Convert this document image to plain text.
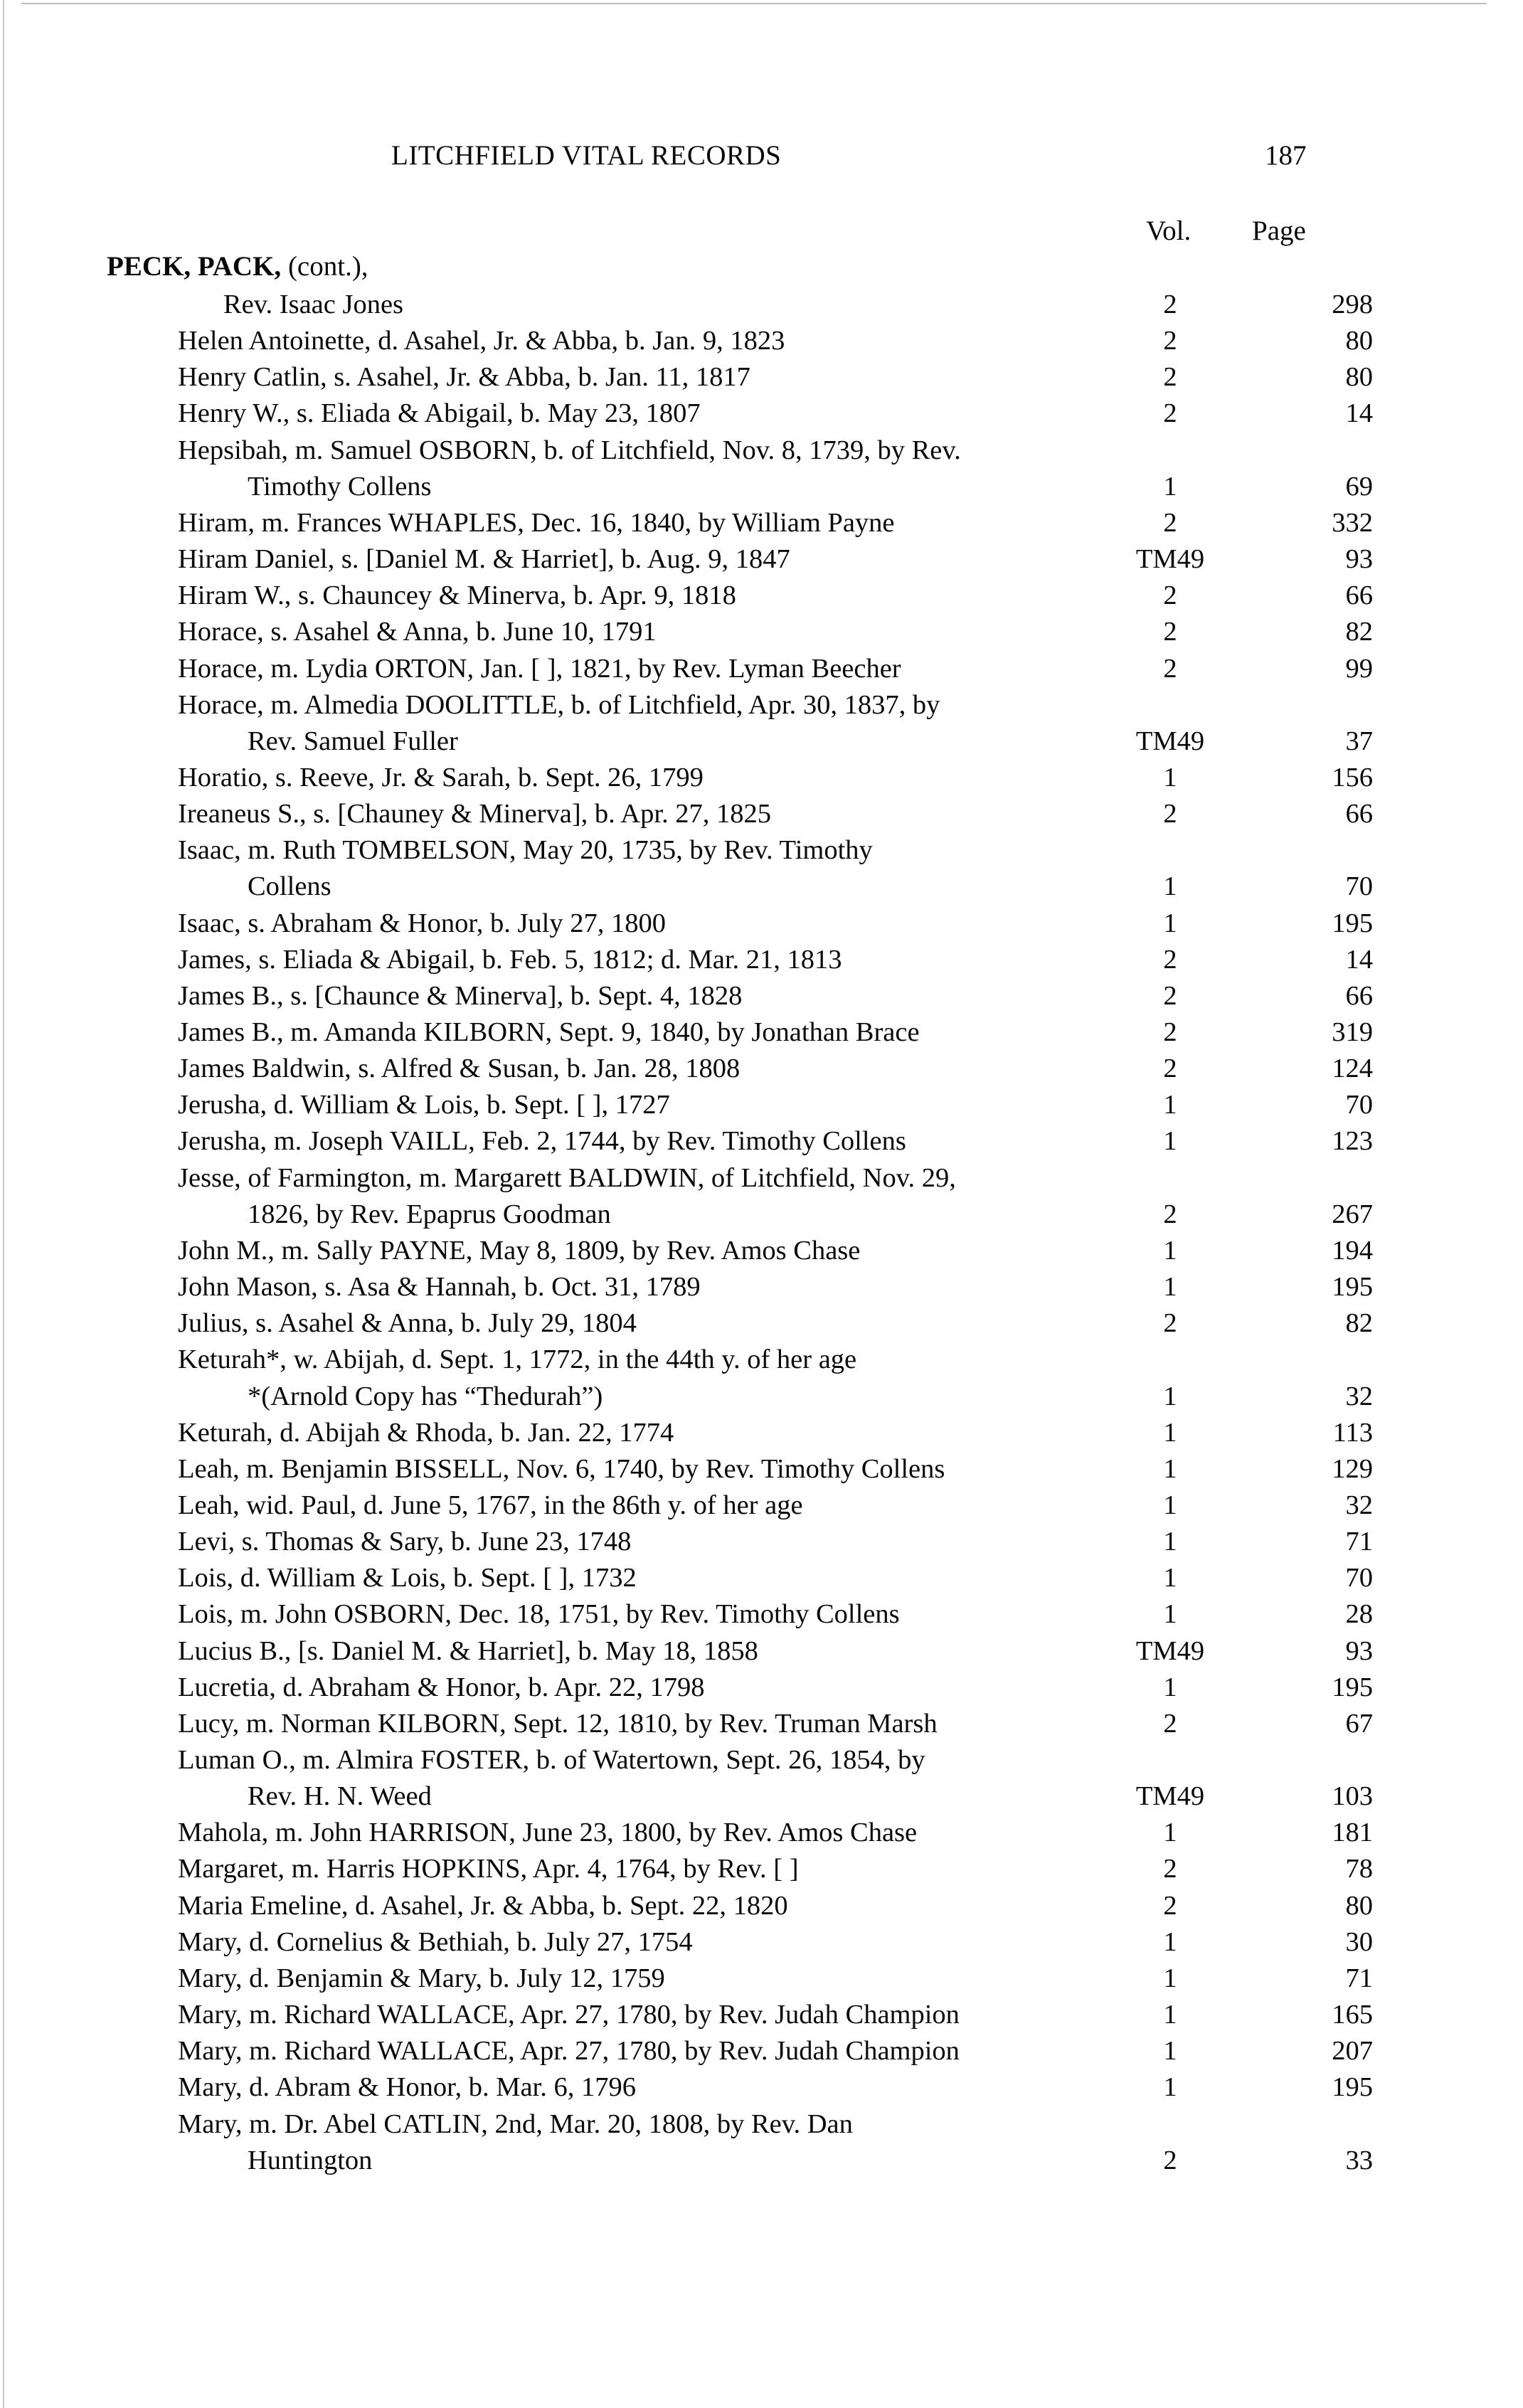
LITCHFIELD VITAL RECORDS	187
Vol. Page
PECK, PACK, (cont.),
Rev. Isaac Jones	2	298
Helen Antoinette, d. Asahel, Jr. & Abba, b. Jan. 9, 1823	2	80
Henry Catlin, s. Asahel, Jr. & Abba, b. Jan. 11, 1817	2	80
Henry W., s. Eliada & Abigail, b. May 23, 1807	2	14
Hepsibah, m. Samuel OSBORN, b. of Litchfield, Nov. 8, 1739, by Rev.
Timothy Collens	1	69
Hiram, m. Frances WHAPLES, Dec. 16, 1840, by William Payne	2	332
Hiram Daniel, s. [Daniel M. & Harriet], b. Aug. 9, 1847	TM49	93
Hiram W., s. Chauncey & Minerva, b. Apr. 9, 1818	2	66
Horace, s. Asahel & Anna, b. June 10, 1791	2	82
Horace, m. Lydia ORTON, Jan. [ ], 1821, by Rev. Lyman Beecher	2	99
Horace, m. Almedia DOOLITTLE, b. of Litchfield, Apr. 30, 1837, by
Rev. Samuel Fuller	TM49	37
Horatio, s. Reeve, Jr. & Sarah, b. Sept. 26, 1799	1	156
Ireaneus S., s. [Chauney & Minerva], b. Apr. 27, 1825	2	66
Isaac, m. Ruth TOMBELSON, May 20, 1735, by Rev. Timothy
Collens	1	70
Isaac, s. Abraham & Honor, b. July 27, 1800	1	195
James, s. Eliada & Abigail, b. Feb. 5, 1812; d. Mar. 21, 1813	2	14
James B., s. [Chaunce & Minerva], b. Sept. 4, 1828	2	66
James B., m. Amanda KILBORN, Sept. 9, 1840, by Jonathan Brace	2	319
James Baldwin, s. Alfred & Susan, b. Jan. 28, 1808	2	124
Jerusha, d. William & Lois, b. Sept. [ ], 1727	1	70
Jerusha, m. Joseph VAILL, Feb. 2, 1744, by Rev. Timothy Collens	1	123
Jesse, of Farmington, m. Margarett BALDWIN, of Litchfield, Nov. 29,
1826, by Rev. Epaprus Goodman	2	267
John M., m. Sally PAYNE, May 8, 1809, by Rev. Amos Chase	1	194
John Mason, s. Asa & Hannah, b. Oct. 31, 1789	1	195
Julius, s. Asahel & Anna, b. July 29, 1804	2	82
Keturah*, w. Abijah, d. Sept. 1, 1772, in the 44th y. of her age
*(Arnold Copy has “Thedurah”)	1	32
Keturah, d. Abijah & Rhoda, b. Jan. 22, 1774	1	113
Leah, m. Benjamin BISSELL, Nov. 6, 1740, by Rev. Timothy Collens	1	129
Leah, wid. Paul, d. June 5, 1767, in the 86th y. of her age	1	32
Levi, s. Thomas & Sary, b. June 23, 1748	1	71
Lois, d. William & Lois, b. Sept. [ ], 1732	1	70
Lois, m. John OSBORN, Dec. 18, 1751, by Rev. Timothy Collens	1	28
Lucius B., [s. Daniel M. & Harriet], b. May 18, 1858	TM49	93
Lucretia, d. Abraham & Honor, b. Apr. 22, 1798	1	195
Lucy, m. Norman KILBORN, Sept. 12, 1810, by Rev. Truman Marsh	2	67
Luman O., m. Almira FOSTER, b. of Watertown, Sept. 26, 1854, by
Rev. H. N. Weed	TM49	103
Mahola, m. John HARRISON, June 23, 1800, by Rev. Amos Chase	1	181
Margaret, m. Harris HOPKINS, Apr. 4, 1764, by Rev. [ ]	2	78
Maria Emeline, d. Asahel, Jr. & Abba, b. Sept. 22, 1820	2	80
Mary, d. Cornelius & Bethiah, b. July 27, 1754	1	30
Mary, d. Benjamin & Mary, b. July 12, 1759	1	71
Mary, m. Richard WALLACE, Apr. 27, 1780, by Rev. Judah Champion	1	165
Mary, m. Richard WALLACE, Apr. 27, 1780, by Rev. Judah Champion	1	207
Mary, d. Abram & Honor, b. Mar. 6, 1796	1	195
Mary, m. Dr. Abel CATLIN, 2nd, Mar. 20, 1808, by Rev. Dan
Huntington	2	33
